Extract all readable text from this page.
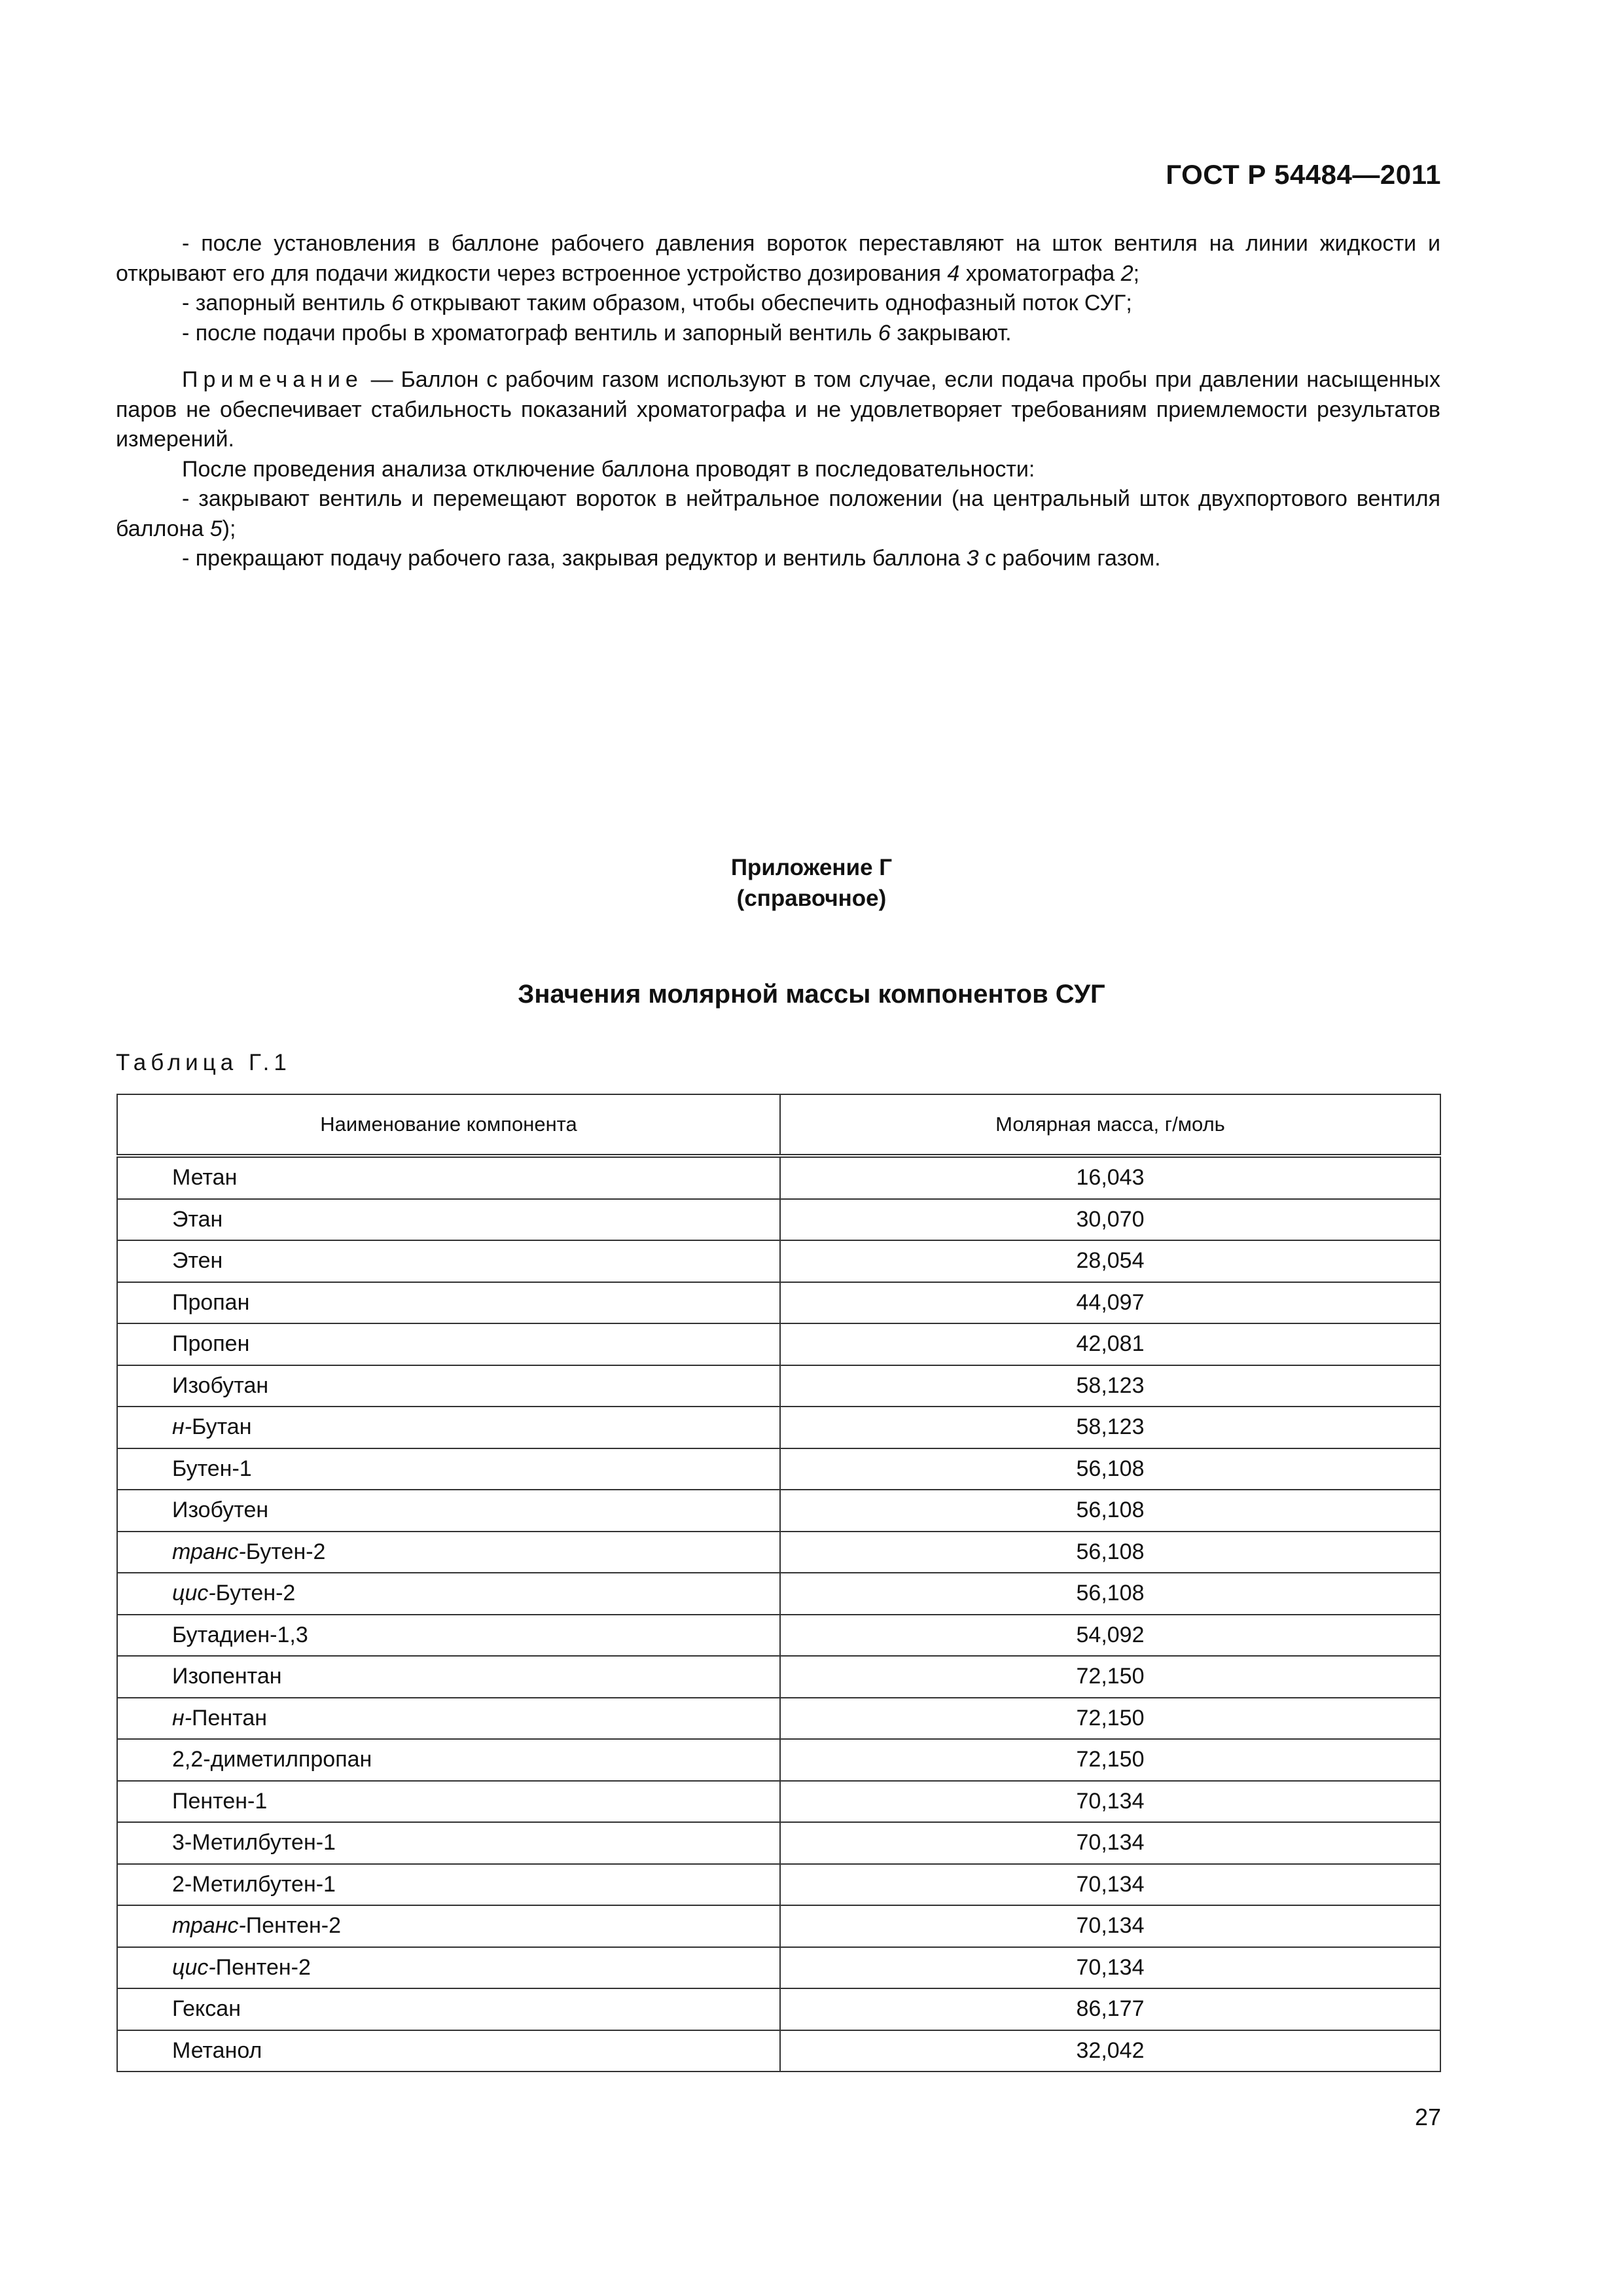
ГОСТ Р 54484—2011

- после установления в баллоне рабочего давления вороток переставляют на шток вентиля на линии жидкости и открывают его для подачи жидкости через встроенное устройство дозирования 4 хроматографа 2;

- запорный вентиль 6 открывают таким образом, чтобы обеспечить однофазный поток СУГ;

- после подачи пробы в хроматограф вентиль и запорный вентиль 6 закрывают.

Примечание — Баллон с рабочим газом используют в том случае, если подача пробы при давлении насыщенных паров не обеспечивает стабильность показаний хроматографа и не удовлетворяет требованиям приемлемости результатов измерений.

После проведения анализа отключение баллона проводят в последовательности:

- закрывают вентиль и перемещают вороток в нейтральное положении (на центральный шток двухпортового вентиля баллона 5);

- прекращают подачу рабочего газа, закрывая редуктор и вентиль баллона 3 с рабочим газом.

Приложение Г
(справочное)
Значения молярной массы компонентов СУГ
Таблица Г.1
Наименование компонента	Молярная масса, г/моль
Метан	16,043
Этан	30,070
Этен	28,054
Пропан	44,097
Пропен	42,081
Изобутан	58,123
н-Бутан	58,123
Бутен-1	56,108
Изобутен	56,108
транс-Бутен-2	56,108
цис-Бутен-2	56,108
Бутадиен-1,3	54,092
Изопентан	72,150
н-Пентан	72,150
2,2-диметилпропан	72,150
Пентен-1	70,134
3-Метилбутен-1	70,134
2-Метилбутен-1	70,134
транс-Пентен-2	70,134
цис-Пентен-2	70,134
Гексан	86,177
Метанол	32,042
27
